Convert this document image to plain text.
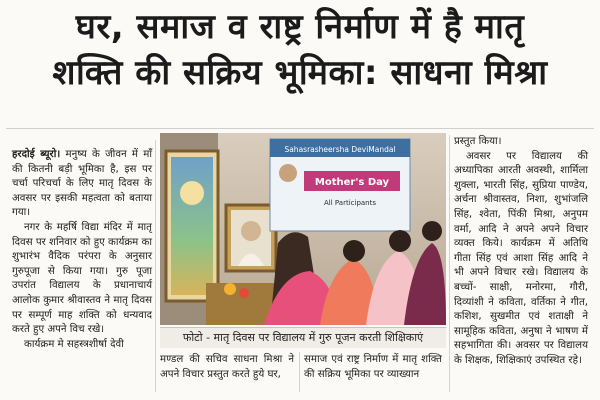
घर, समाज व राष्ट्र निर्माण में है मातृ
शक्ति की सक्रिय भूमिका: साधना मिश्रा

हरदोई ब्यूरो। मनुष्य के जीवन में माँ की कितनी बड़ी भूमिका है, इस पर चर्चा परिचर्चा के लिए मातृ दिवस के अवसर पर इसकी महत्वता को बताया गया।

नगर के महर्षि विद्या मंदिर में मातृ दिवस पर शनिवार को हुए कार्यक्रम का शुभारंभ वैदिक परंपरा के अनुसार गुरुपूजा से किया गया। गुरु पूजा उपरांत विद्यालय के प्रधानाचार्य आलोक कुमार श्रीवास्तव ने मातृ दिवस पर सम्पूर्ण माह शक्ति को धन्यवाद करते हुए अपने विच रखे।

कार्यक्रम मे सहस्त्रशीर्षा देवी

Sahasrasheersha DeviMandal
Mother's Day
All Participants
फोटो - मातृ दिवस पर विद्यालय में गुरु पूजन करती शिक्षिकाएं

मण्डल की सचिव साधना मिश्रा ने अपने विचार प्रस्तुत करते हुये घर,

समाज एवं राष्ट्र निर्माण में मातृ शक्ति की सक्रिय भूमिका पर व्याख्यान

प्रस्तुत किया।

अवसर पर विद्यालय की अध्यापिका आरती अवस्थी, शार्मिला शुक्ला, भारती सिंह, सुप्रिया पाण्डेय, अर्चना श्रीवास्तव, निशा, शुभांजलि सिंह, श्वेता, पिंकी मिश्रा, अनुपम वर्मा, आदि ने अपने अपने विचार व्यक्त किये। कार्यक्रम में अतिथि गीता सिंह एवं आशा सिंह आदि ने भी अपने विचार रखे। विद्यालय के बच्चों- साक्षी, मनोरमा, गौरी, दिव्यांशी ने कविता, वर्तिका ने गीत, कशिश, सुखमीत एवं शताक्षी ने सामूहिक कविता, अनुषा ने भाषण में सहभागिता की। अवसर पर विद्यालय के शिक्षक, शिक्षिकाएं उपस्थित रहे।
